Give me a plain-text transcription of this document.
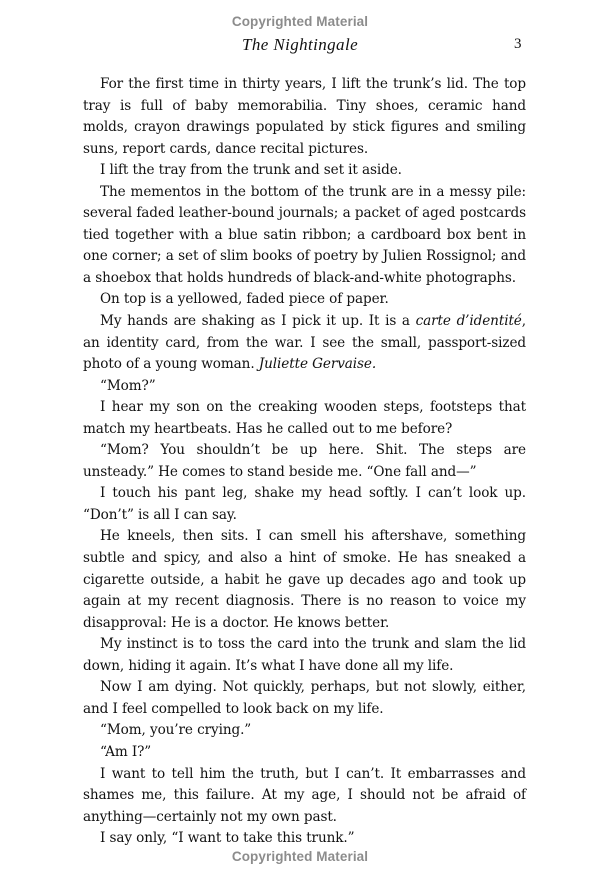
Copyrighted Material
The Nightingale	3

For the first time in thirty years, I lift the trunk’s lid. The top tray is full of baby memorabilia. Tiny shoes, ceramic hand molds, crayon drawings populated by stick figures and smiling suns, report cards, dance recital pictures.

I lift the tray from the trunk and set it aside.

The mementos in the bottom of the trunk are in a messy pile: several faded leather-bound journals; a packet of aged postcards tied together with a blue satin ribbon; a cardboard box bent in one corner; a set of slim books of poetry by Julien Rossignol; and a shoebox that holds hundreds of black-and-white photographs.

On top is a yellowed, faded piece of paper.

My hands are shaking as I pick it up. It is a carte d’identité, an identity card, from the war. I see the small, passport-sized photo of a young woman. Juliette Gervaise.

“Mom?”

I hear my son on the creaking wooden steps, footsteps that match my heartbeats. Has he called out to me before?

“Mom? You shouldn’t be up here. Shit. The steps are unsteady.” He comes to stand beside me. “One fall and—”

I touch his pant leg, shake my head softly. I can’t look up. “Don’t” is all I can say.

He kneels, then sits. I can smell his aftershave, something subtle and spicy, and also a hint of smoke. He has sneaked a cigarette outside, a habit he gave up decades ago and took up again at my recent diagnosis. There is no reason to voice my disapproval: He is a doctor. He knows better.

My instinct is to toss the card into the trunk and slam the lid down, hiding it again. It’s what I have done all my life.

Now I am dying. Not quickly, perhaps, but not slowly, either, and I feel compelled to look back on my life.

“Mom, you’re crying.”

“Am I?”

I want to tell him the truth, but I can’t. It embarrasses and shames me, this failure. At my age, I should not be afraid of anything—certainly not my own past.

I say only, “I want to take this trunk.”

Copyrighted Material
